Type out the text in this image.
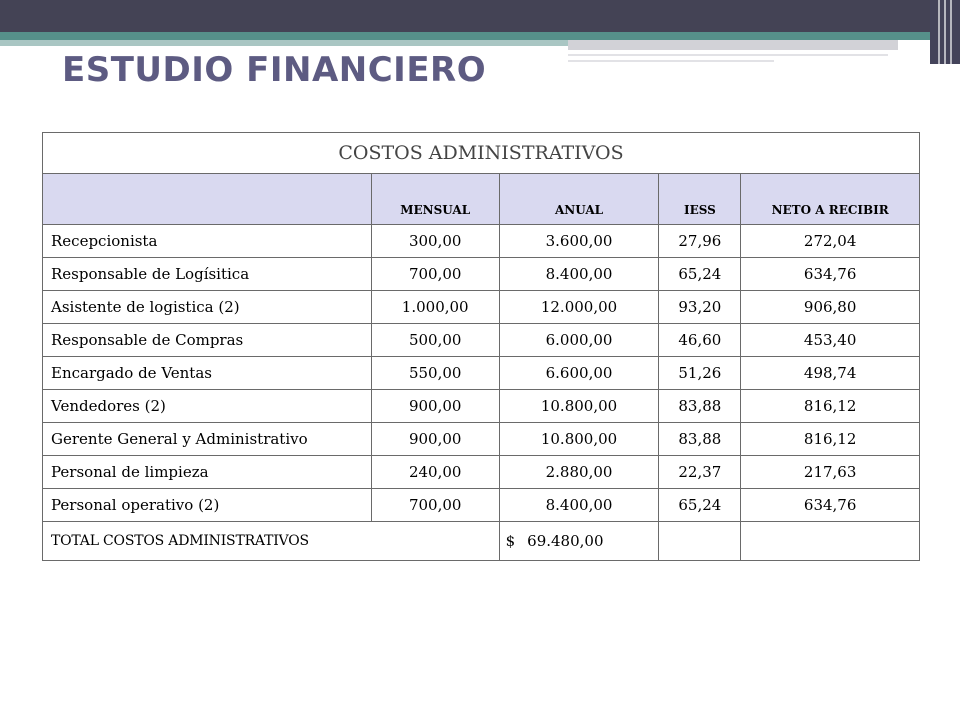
ESTUDIO FINANCIERO
COSTOS ADMINISTRATIVOS				
	MENSUAL	ANUAL	IESS	NETO A RECIBIR
Recepcionista	300,00	3.600,00	27,96	272,04
Responsable de Logísitica	700,00	8.400,00	65,24	634,76
Asistente de logistica (2)	1.000,00	12.000,00	93,20	906,80
Responsable de Compras	500,00	6.000,00	46,60	453,40
Encargado de Ventas	550,00	6.600,00	51,26	498,74
Vendedores (2)	900,00	10.800,00	83,88	816,12
Gerente General y Administrativo	900,00	10.800,00	83,88	816,12
Personal de limpieza	240,00	2.880,00	22,37	217,63
Personal operativo (2)	700,00	8.400,00	65,24	634,76
TOTAL COSTOS ADMINISTRATIVOS		$ 69.480,00		
